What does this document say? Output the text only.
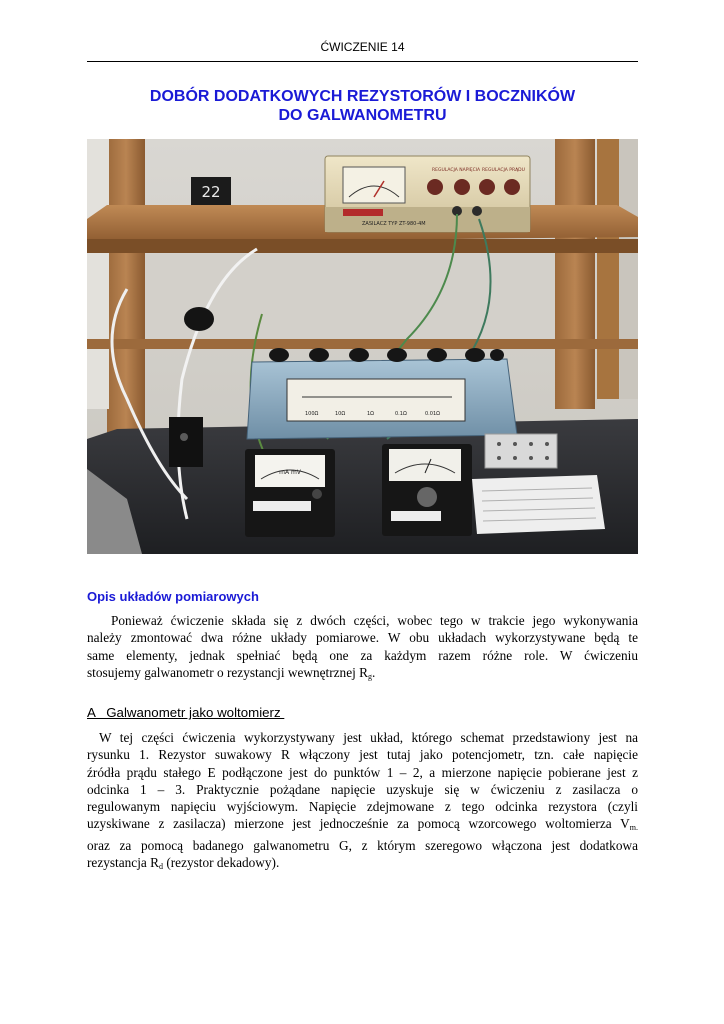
ĆWICZENIE 14
DOBÓR DODATKOWYCH REZYSTORÓW I BOCZNIKÓW
DO GALWANOMETRU
22
ZASILACZ TYP ZT-980-4M
REGULACJA NAPIĘCIA REGULACJA PRĄDU
100Ω	10Ω	1Ω	0.1Ω	0.01Ω
mA mV
Opis układów pomiarowych

Ponieważ ćwiczenie składa się z dwóch części, wobec tego w trakcie jego wykonywania
należy zmontować dwa różne układy pomiarowe. W obu układach wykorzystywane będą te
same elementy, jednak spełniać będą one za każdym razem różne role. W ćwiczeniu
stosujemy galwanometr o rezystancji wewnętrznej $R_g$.

A   Galwanometr jako woltomierz

W tej części ćwiczenia wykorzystywany jest układ, którego schemat przedstawiony jest na
rysunku 1. Rezystor suwakowy R włączony jest tutaj jako potencjometr, tzn. całe napięcie
źródła prądu stałego E podłączone jest do punktów 1 – 2, a mierzone napięcie pobierane jest z
odcinka 1 – 3. Praktycznie pożądane napięcie uzyskuje się w ćwiczeniu z zasilacza o
regulowanym napięciu wyjściowym. Napięcie zdejmowane z tego odcinka rezystora (czyli
uzyskiwane z zasilacza) mierzone jest jednocześnie za pomocą wzorcowego woltomierza $V_{m.}$
oraz za pomocą badanego galwanometru G, z którym szeregowo włączona jest dodatkowa
rezystancja $R_d$ (rezystor dekadowy).
